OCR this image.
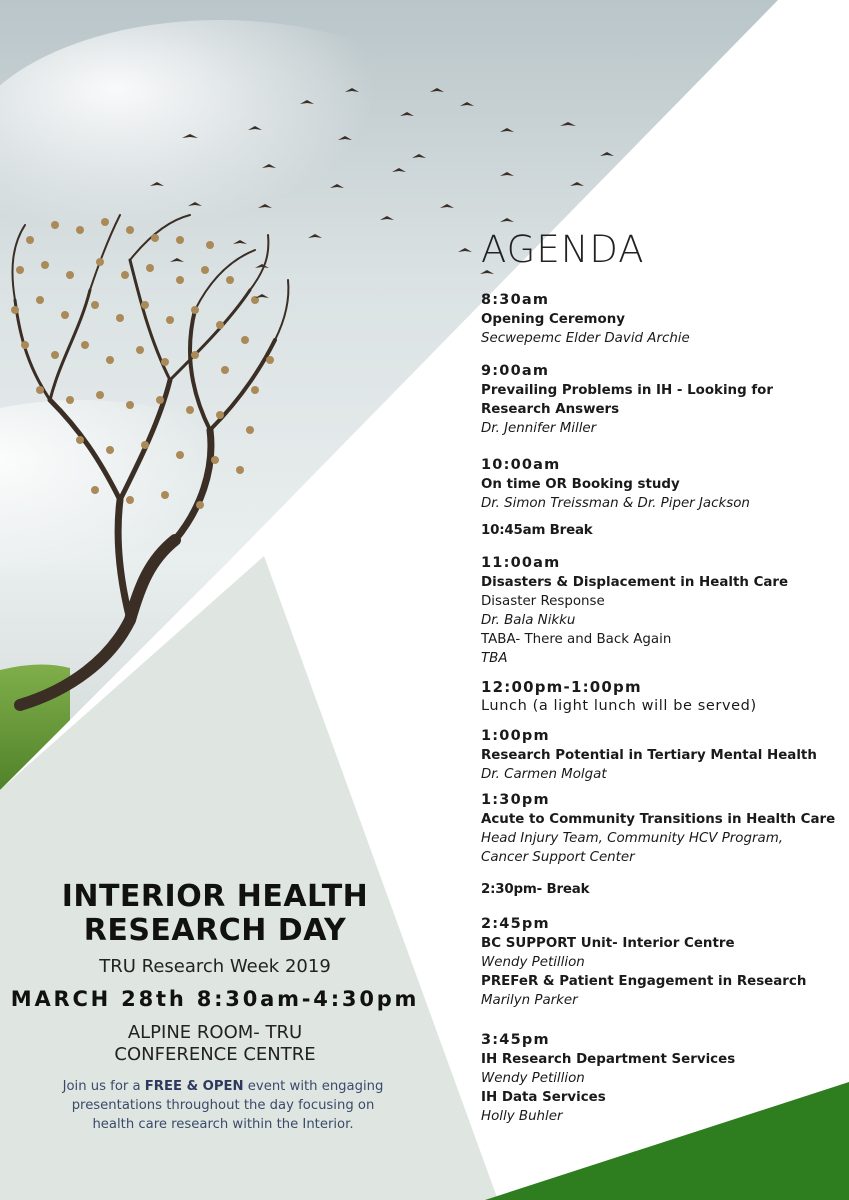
AGENDA
8:30am
Opening Ceremony
Secwepemc Elder David Archie
9:00am
Prevailing Problems in IH - Looking for
Research Answers
Dr. Jennifer Miller
10:00am
On time OR Booking study
Dr. Simon Treissman & Dr. Piper Jackson
10:45am Break
11:00am
Disasters & Displacement in Health Care
Disaster Response
Dr. Bala Nikku
TABA- There and Back Again
TBA
12:00pm-1:00pm
Lunch (a light lunch will be served)
1:00pm
Research Potential in Tertiary Mental Health
Dr. Carmen Molgat
1:30pm
Acute to Community Transitions in Health Care
Head Injury Team, Community HCV Program,
Cancer Support Center
2:30pm- Break
2:45pm
BC SUPPORT Unit- Interior Centre
Wendy Petillion
PREFeR & Patient Engagement in Research
Marilyn Parker
3:45pm
IH Research Department Services
Wendy Petillion
IH Data Services
Holly Buhler
INTERIOR HEALTH
RESEARCH DAY
TRU Research Week 2019
MARCH 28th 8:30am-4:30pm
ALPINE ROOM- TRU
CONFERENCE CENTRE
Join us for a FREE & OPEN event with engaging presentations throughout the day focusing on health care research within the Interior.
